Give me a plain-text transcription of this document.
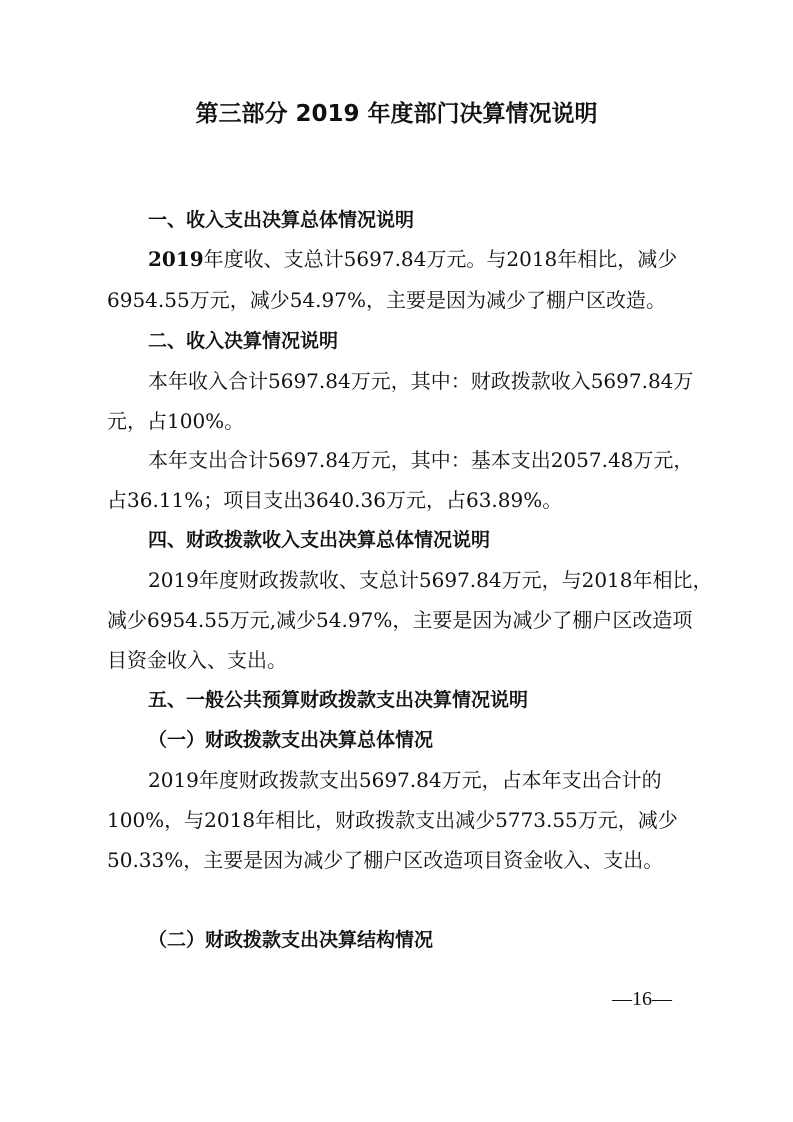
第三部分 2019 年度部门决算情况说明
一、收入支出决算总体情况说明
2019年度收、支总计5697.84万元。与2018年相比，减少
6954.55万元，减少54.97%，主要是因为减少了棚户区改造。
二、收入决算情况说明
本年收入合计5697.84万元，其中：财政拨款收入5697.84万
元，占100%。
本年支出合计5697.84万元，其中：基本支出2057.48万元，
占36.11%；项目支出3640.36万元，占63.89%。
四、财政拨款收入支出决算总体情况说明
2019年度财政拨款收、支总计5697.84万元，与2018年相比，
减少6954.55万元,减少54.97%，主要是因为减少了棚户区改造项
目资金收入、支出。
五、一般公共预算财政拨款支出决算情况说明
（一）财政拨款支出决算总体情况
2019年度财政拨款支出5697.84万元，占本年支出合计的
100%，与2018年相比，财政拨款支出减少5773.55万元，减少
50.33%，主要是因为减少了棚户区改造项目资金收入、支出。
（二）财政拨款支出决算结构情况
—16—
